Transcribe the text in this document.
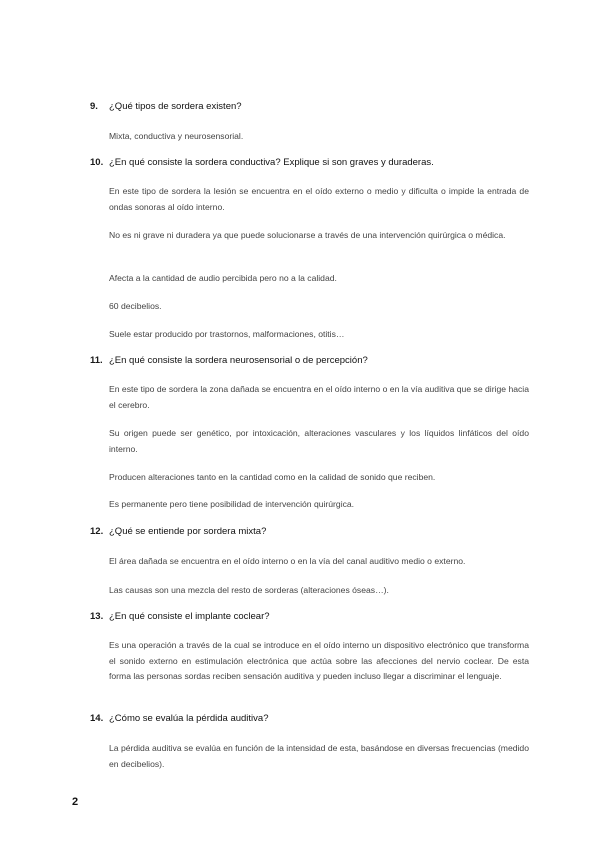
9.	¿Qué tipos de sordera existen?
Mixta, conductiva y neurosensorial.
10. ¿En qué consiste la sordera conductiva? Explique si son graves y duraderas.
En este tipo de sordera la lesión se encuentra en el oído externo o medio y dificulta o impide la entrada de ondas sonoras al oído interno.
No es ni grave ni duradera ya que puede solucionarse a través de una intervención quirúrgica o médica.
Afecta a la cantidad de audio percibida pero no a la calidad.
60 decibelios.
Suele estar producido por trastornos, malformaciones, otitis…
11. ¿En qué consiste la sordera neurosensorial o de percepción?
En este tipo de sordera la zona dañada se encuentra en el oído interno o en la vía auditiva que se dirige hacia el cerebro.
Su origen puede ser genético, por intoxicación, alteraciones vasculares y los líquidos linfáticos del oído interno.
Producen alteraciones tanto en la cantidad como en la calidad de sonido que reciben.
Es permanente pero tiene posibilidad de intervención quirúrgica.
12. ¿Qué se entiende por sordera mixta?
El área dañada se encuentra en el oído interno o en la vía del canal auditivo medio o externo.
Las causas son una mezcla del resto de sorderas (alteraciones óseas…).
13. ¿En qué consiste el implante coclear?
Es una operación a través de la cual se introduce en el oído interno un dispositivo electrónico que transforma el sonido externo en estimulación electrónica que actúa sobre las afecciones del nervio coclear. De esta forma las personas sordas reciben sensación auditiva y pueden incluso llegar a discriminar el lenguaje.
14. ¿Cómo se evalúa la pérdida auditiva?
La pérdida auditiva se evalúa en función de la intensidad de esta, basándose en diversas frecuencias (medido en decibelios).
2
